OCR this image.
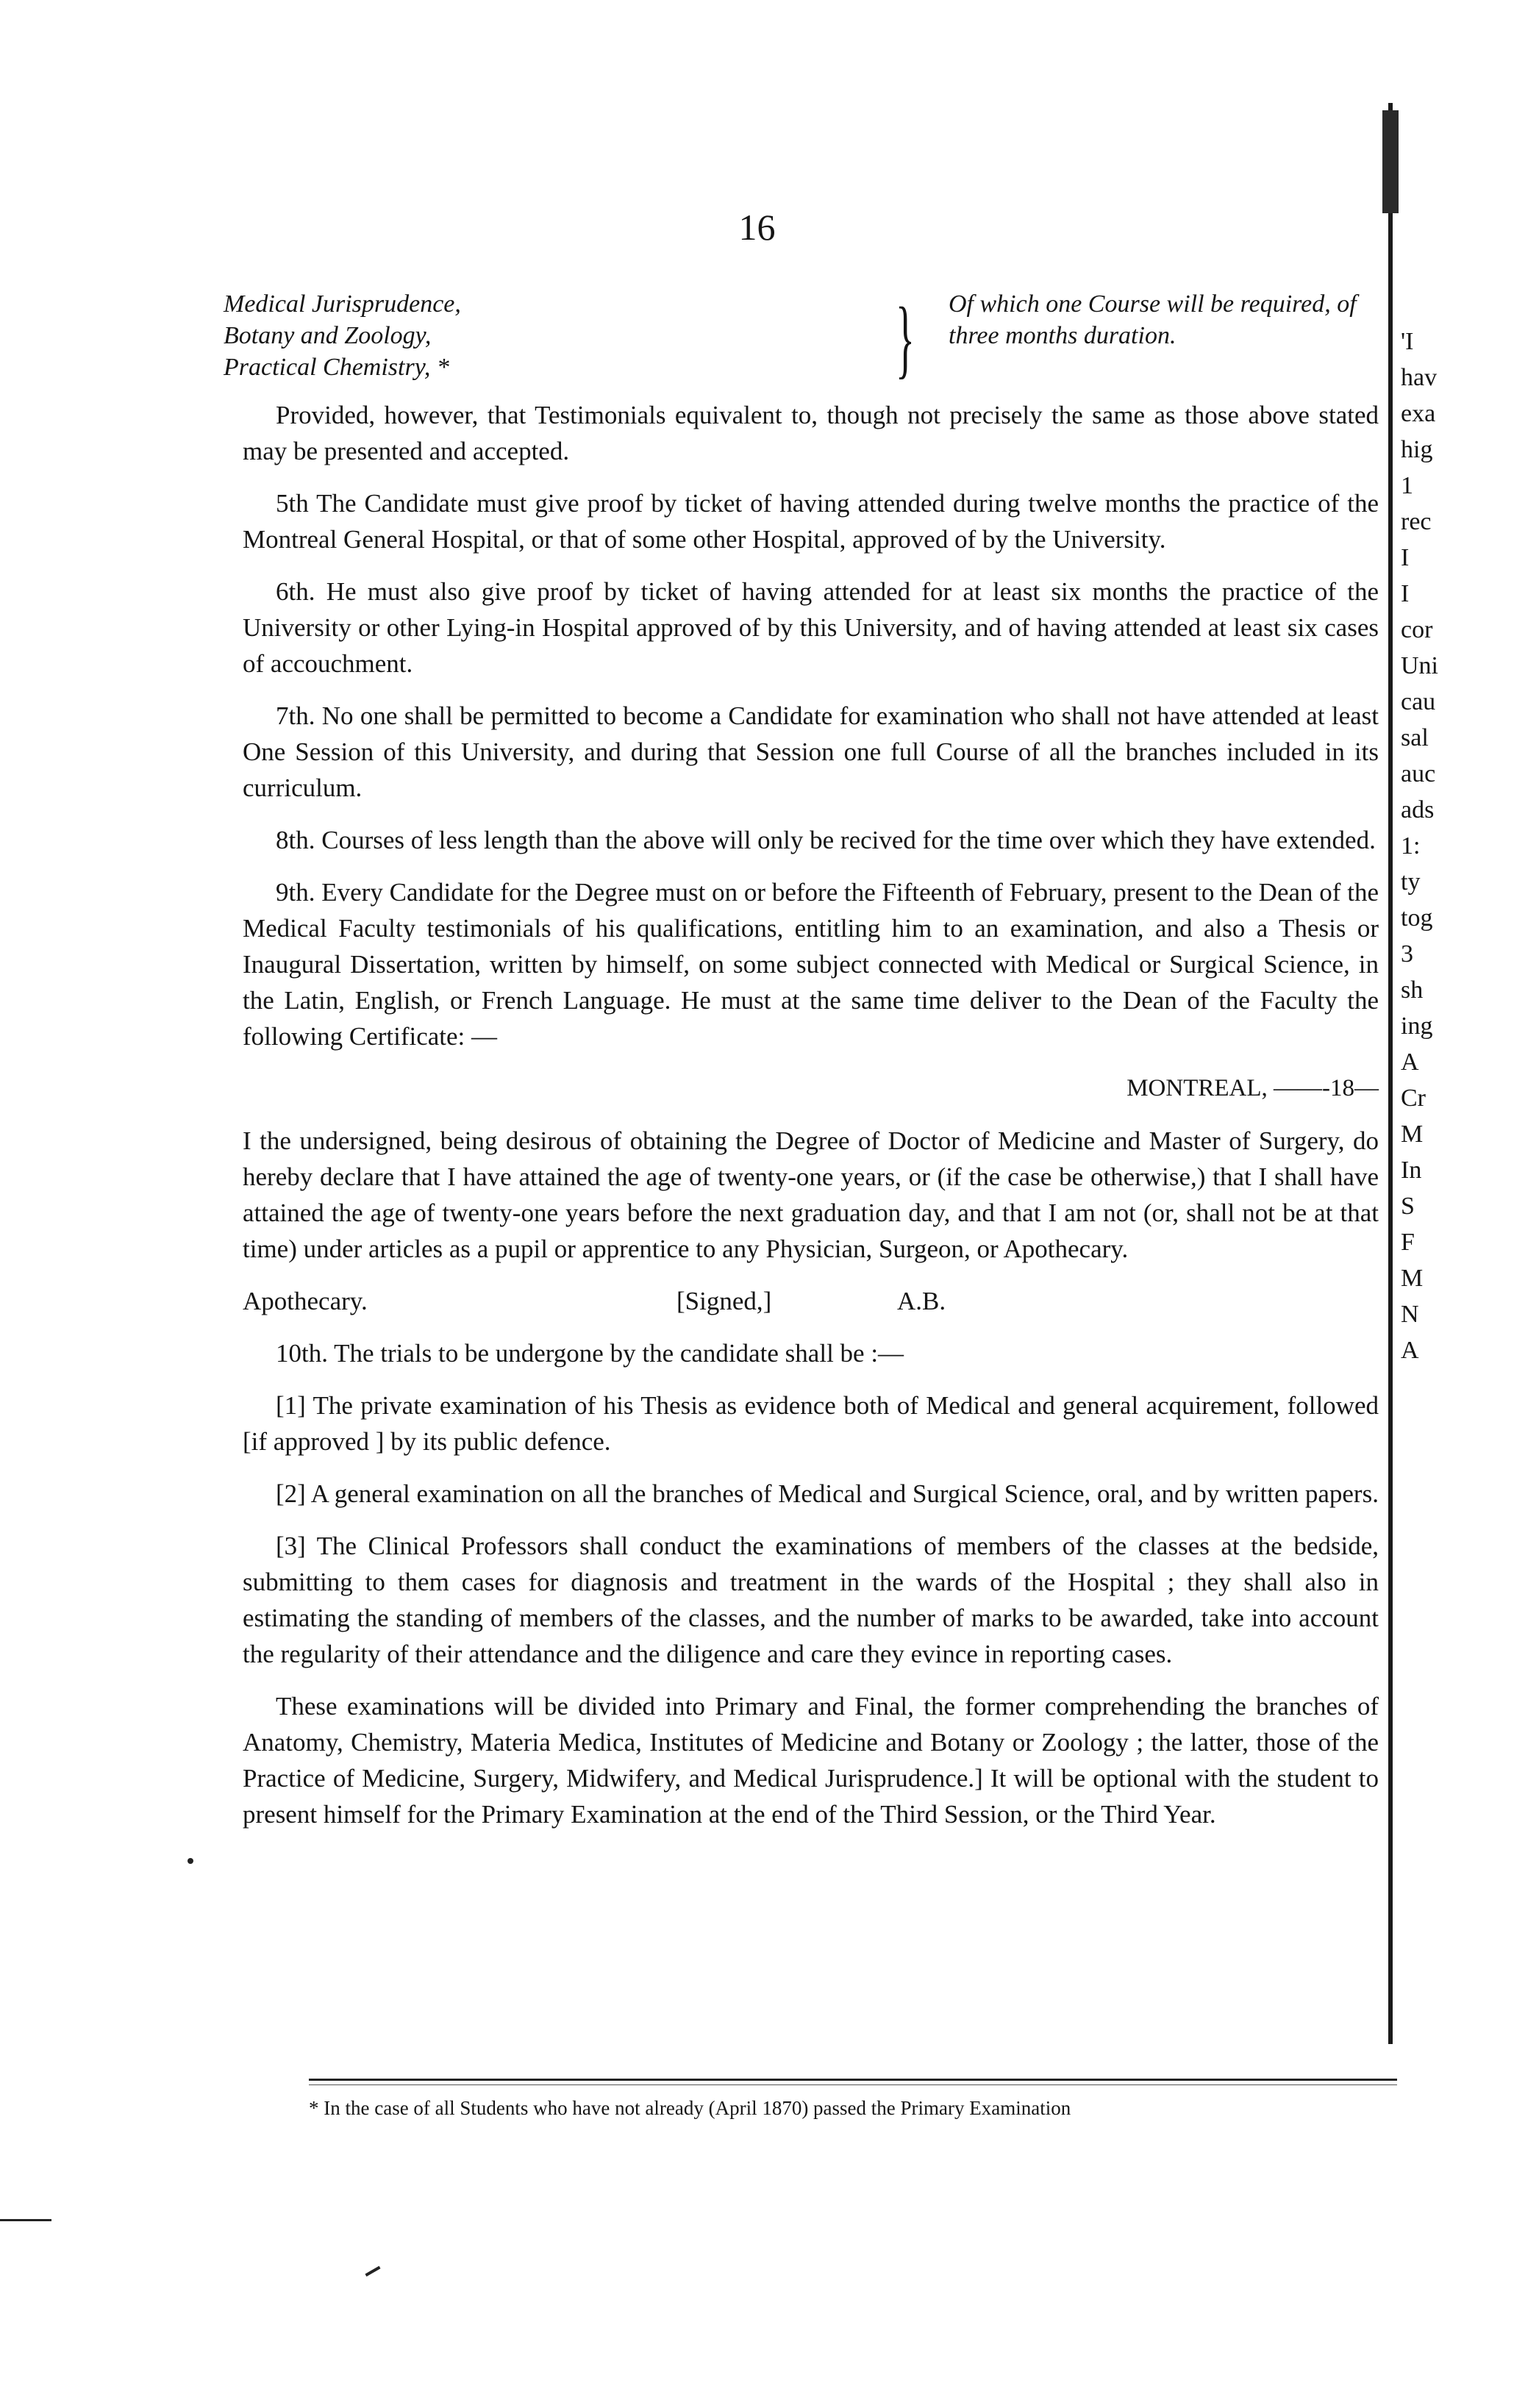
16
Medical Jurisprudence,
Botany and Zoology,
Practical Chemistry, *	} Of which one Course will be required, of three months duration.

Provided, however, that Testimonials equivalent to, though not precisely the same as those above stated may be presented and accepted.

5th The Candidate must give proof by ticket of having attended during twelve months the practice of the Montreal General Hospital, or that of some other Hospital, approved of by the University.

6th. He must also give proof by ticket of having attended for at least six months the practice of the University or other Lying-in Hospital approved of by this University, and of having attended at least six cases of accouchment.

7th. No one shall be permitted to become a Candidate for examination who shall not have attended at least One Session of this University, and during that Session one full Course of all the branches included in its curriculum.

8th. Courses of less length than the above will only be recived for the time over which they have extended.

9th. Every Candidate for the Degree must on or before the Fifteenth of February, present to the Dean of the Medical Faculty testimonials of his qualifications, entitling him to an examination, and also a Thesis or Inaugural Dissertation, written by himself, on some subject connected with Medical or Surgical Science, in the Latin, English, or French Language. He must at the same time deliver to the Dean of the Faculty the following Certificate: —

MONTREAL, ——-18—
I the undersigned, being desirous of obtaining the Degree of Doctor of Medicine and Master of Surgery, do hereby declare that I have attained the age of twenty-one years, or (if the case be otherwise,) that I shall have attained the age of twenty-one years before the next graduation day, and that I am not (or, shall not be at that time) under articles as a pupil or apprentice to any Physician, Surgeon, or Apothecary.
Apothecary.	[Signed,]	A.B.

10th. The trials to be undergone by the candidate shall be :—

[1] The private examination of his Thesis as evidence both of Medical and general acquirement, followed [if approved ] by its public defence.

[2] A general examination on all the branches of Medical and Surgical Science, oral, and by written papers.

[3] The Clinical Professors shall conduct the examinations of members of the classes at the bedside, submitting to them cases for diagnosis and treatment in the wards of the Hospital ; they shall also in estimating the standing of members of the classes, and the number of marks to be awarded, take into account the regularity of their attendance and the diligence and care they evince in reporting cases.

These examinations will be divided into Primary and Final, the former comprehending the branches of Anatomy, Chemistry, Materia Medica, Institutes of Medicine and Botany or Zoology ; the latter, those of the Practice of Medicine, Surgery, Midwifery, and Medical Jurisprudence.] It will be optional with the student to present himself for the Primary Examination at the end of the Third Session, or the Third Year.

* In the case of all Students who have not already (April 1870) passed the Primary Examination
'I
hav
exa
hig
1
rec
I
I
cor
Uni
cau
sal
auc
ads
1:
ty
tog
3
sh
ing
A
Cr
M
In
S
F
M
N
A
